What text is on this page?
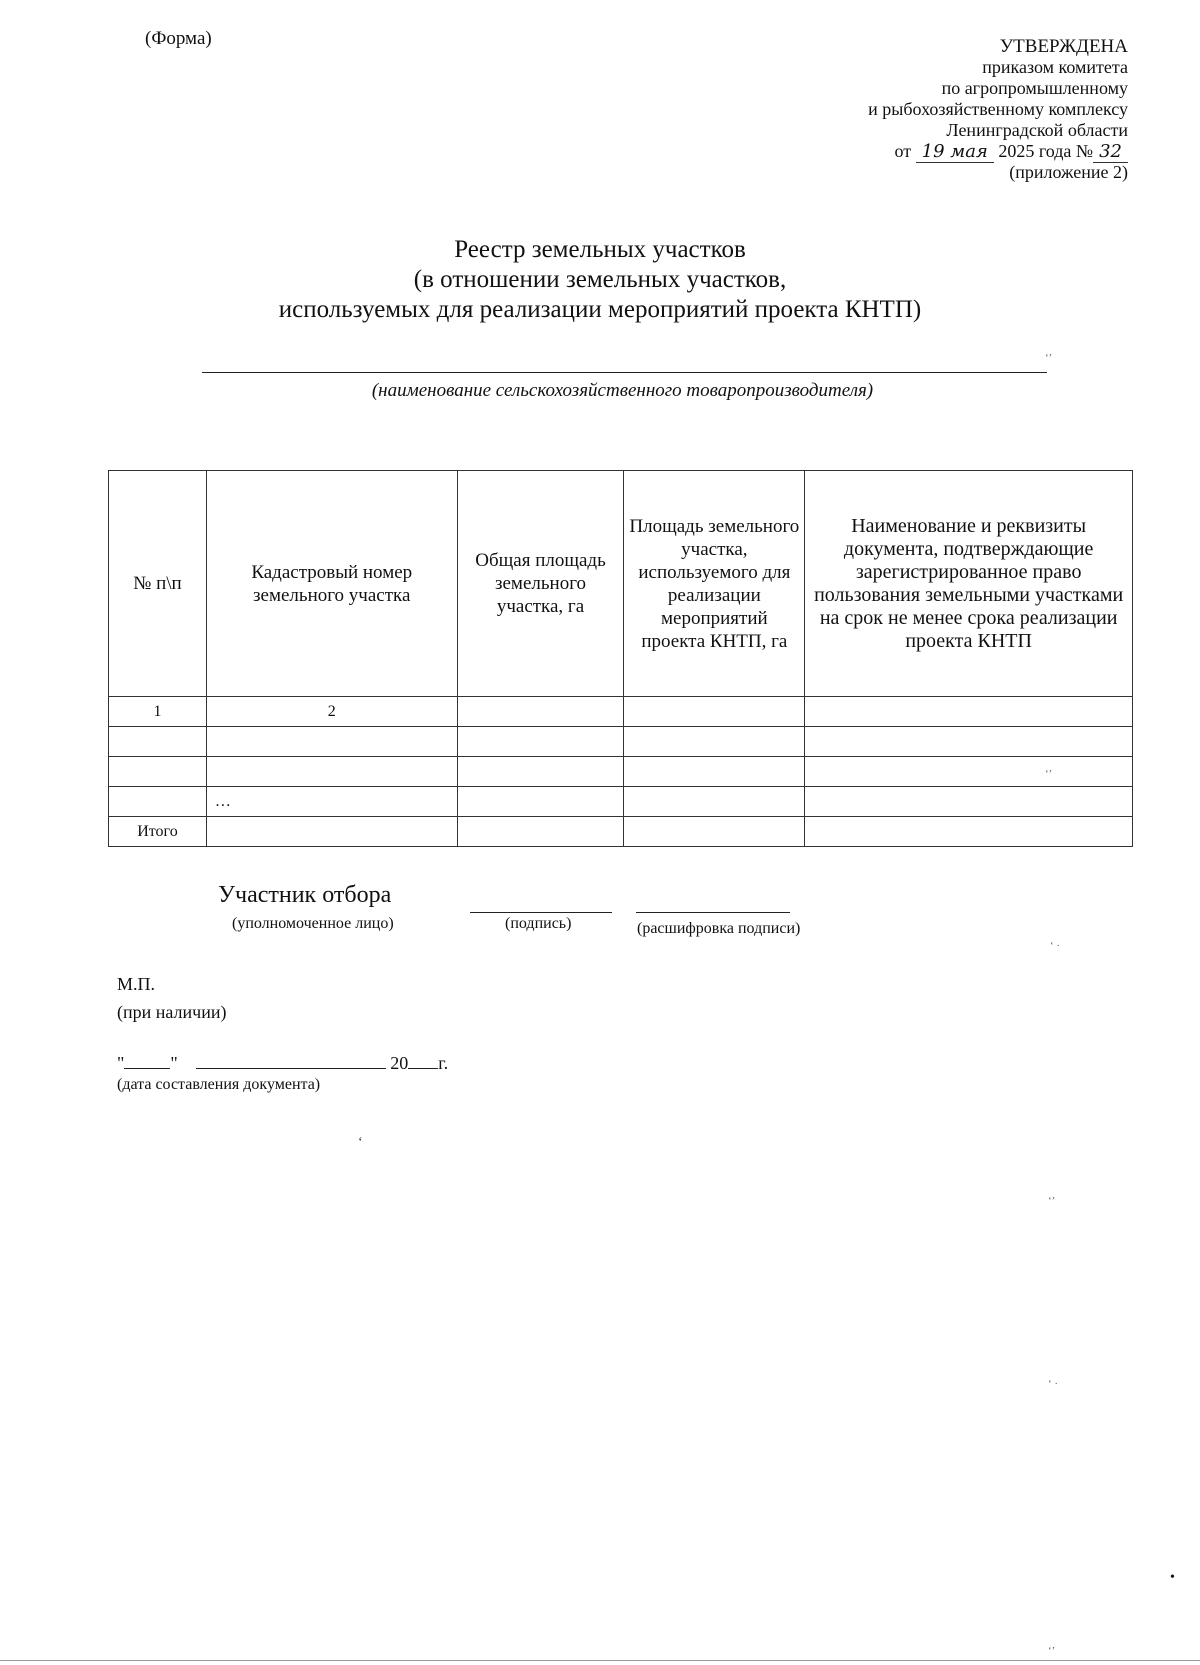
(Форма)	УТВЕРЖДЕНА
приказом комитета
по агропромышленному
и рыбохозяйственному комплексу
Ленинградской области
от 19 мая 2025 года № 32
(приложение 2)
Реестр земельных участков
(в отношении земельных участков,
используемых для реализации мероприятий проекта КНТП)
(наименование сельскохозяйственного товаропроизводителя)
№ п\п	Кадастровый номер земельного участка	Общая площадь земельного участка, га	Площадь земельного участка, используемого для реализации мероприятий проекта КНТП, га	Наименование и реквизиты документа, подтверждающие зарегистрированное право пользования земельными участками на срок не менее срока реализации проекта КНТП
1	2			

	…			
Итого				
Участник отбора
(уполномоченное лицо)	(подпись)	(расшифровка подписи)
М.П.
(при наличии)
"	"	20 г.
(дата составления документа)
‘’
‘’
‘ ·
‘
‘’
‘ ·
•
‘’
